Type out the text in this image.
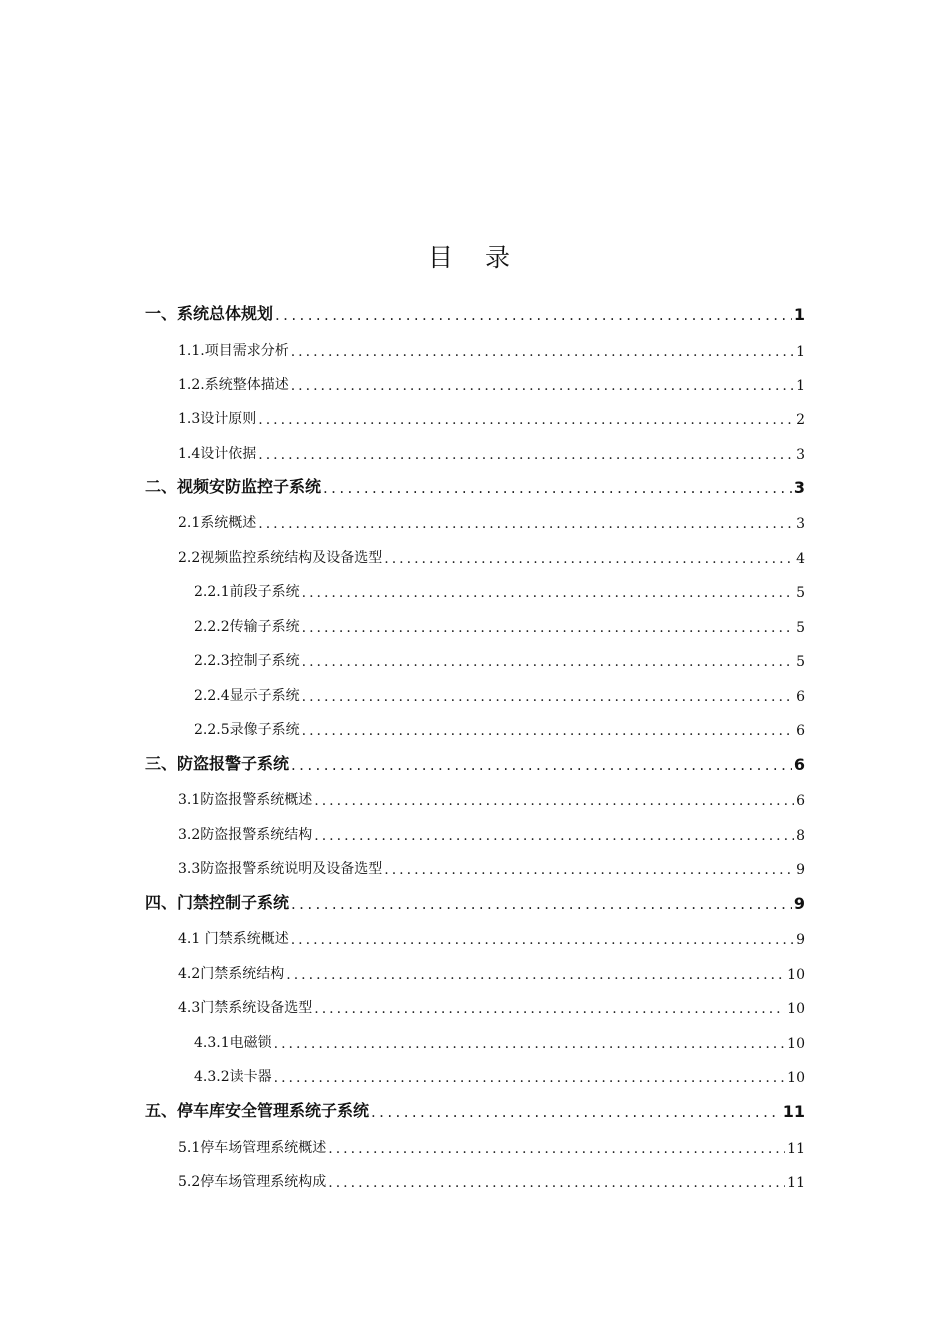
目 录
一、系统总体规划 .....	1
1.1.项目需求分析 .....	1
1.2.系统整体描述 .....	1
1.3设计原则 .....	2
1.4设计依据 .....	3
二、视频安防监控子系统 .....	3
2.1系统概述 .....	3
2.2视频监控系统结构及设备选型 .....	4
2.2.1前段子系统 .....	5
2.2.2传输子系统 .....	5
2.2.3控制子系统 .....	5
2.2.4显示子系统 .....	6
2.2.5录像子系统 .....	6
三、防盗报警子系统 .....	6
3.1防盗报警系统概述 .....	6
3.2防盗报警系统结构 .....	8
3.3防盗报警系统说明及设备选型 .....	9
四、门禁控制子系统 .....	9
4.1 门禁系统概述 .....	9
4.2门禁系统结构 .....	10
4.3门禁系统设备选型 .....	10
4.3.1电磁锁 .....	10
4.3.2读卡器 .....	10
五、停车库安全管理系统子系统 .....	11
5.1停车场管理系统概述 .....	11
5.2停车场管理系统构成 .....	11
